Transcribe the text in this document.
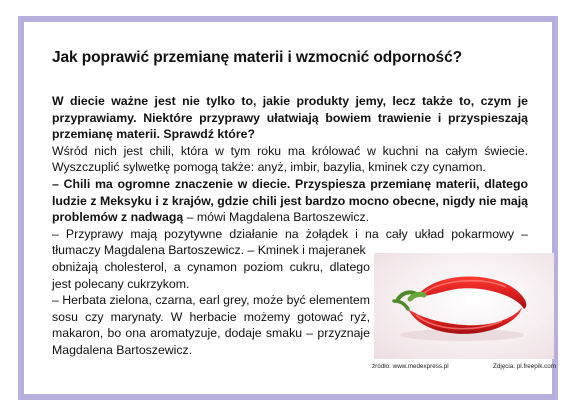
Jak poprawić przemianę materii i wzmocnić odporność?

W diecie ważne jest nie tylko to, jakie produkty jemy, lecz także to, czym je przyprawiamy. Niektóre przyprawy ułatwiają bowiem trawienie i przyspieszają przemianę materii. Sprawdź które?

Wśród nich jest chili, która w tym roku ma królować w kuchni na całym świecie. Wyszczuplić sylwetkę pomogą także: anyż, imbir, bazylia, kminek czy cynamon.

– Chili ma ogromne znaczenie w diecie. Przyspiesza przemianę materii, dlatego ludzie z Meksyku i z krajów, gdzie chili jest bardzo mocno obecne, nigdy nie mają problemów z nadwagą – mówi Magdalena Bartoszewicz.

– Przyprawy mają pozytywne działanie na żołądek i na cały układ pokarmowy – tłumaczy Magdalena Bartoszewicz. – Kminek i majeranek

obniżają cholesterol, a cynamon poziom cukru, dlatego jest polecany cukrzykom.

– Herbata zielona, czarna, earl grey, może być elementem sosu czy marynaty. W herbacie możemy gotować ryż, makaron, bo ona aromatyzuje, dodaje smaku – przyznaje Magdalena Bartoszewicz.

źródło: www.medexpress.pl	Zdjęcia: pl.freepik.com
